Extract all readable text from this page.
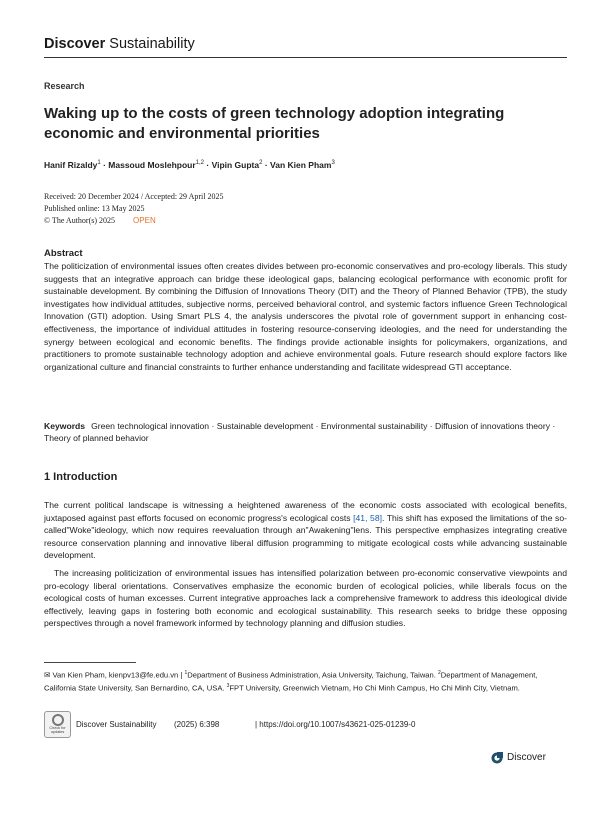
Discover Sustainability
Research
Waking up to the costs of green technology adoption integrating economic and environmental priorities
Hanif Rizaldy$^1$ · Massoud Moslehpour$^{1,2}$ · Vipin Gupta$^2$ · Van Kien Pham$^3$
Received: 20 December 2024 / Accepted: 29 April 2025
Published online: 13 May 2025
© The Author(s) 2025 OPEN
Abstract
The politicization of environmental issues often creates divides between pro-economic conservatives and pro-ecology liberals. This study suggests that an integrative approach can bridge these ideological gaps, balancing ecological performance with economic profit for sustainable development. By combining the Diffusion of Innovations Theory (DIT) and the Theory of Planned Behavior (TPB), the study investigates how individual attitudes, subjective norms, perceived behavioral control, and systemic factors influence Green Technological Innovation (GTI) adoption. Using Smart PLS 4, the analysis underscores the pivotal role of government support in enhancing cost-effectiveness, the importance of individual attitudes in fostering resource-conserving ideologies, and the need for understanding the synergy between ecological and economic benefits. The findings provide actionable insights for policymakers, organizations, and practitioners to promote sustainable technology adoption and achieve environmental goals. Future research should explore factors like organizational culture and financial constraints to further enhance understanding and facilitate widespread GTI acceptance.
Keywords Green technological innovation · Sustainable development · Environmental sustainability · Diffusion of innovations theory · Theory of planned behavior
1 Introduction
The current political landscape is witnessing a heightened awareness of the economic costs associated with ecological benefits, juxtaposed against past efforts focused on economic progress's ecological costs [41, 58]. This shift has exposed the limitations of the so-called"Woke"ideology, which now requires reevaluation through an"Awakening"lens. This perspective emphasizes integrating creative resource conservation planning and innovative liberal diffusion programming to mitigate ecological costs while advancing sustainable development.
The increasing politicization of environmental issues has intensified polarization between pro-economic conservative viewpoints and pro-ecology liberal orientations. Conservatives emphasize the economic burden of ecological policies, while liberals focus on the ecological costs of human excesses. Current integrative approaches lack a comprehensive framework to address this ideological divide effectively, leaving gaps in fostering both economic and ecological sustainability. This research seeks to bridge these opposing perspectives through a novel framework informed by technology planning and diffusion studies.
✉ Van Kien Pham, kienpv13@fe.edu.vn | $^1$Department of Business Administration, Asia University, Taichung, Taiwan. $^2$Department of Management, California State University, San Bernardino, CA, USA. $^3$FPT University, Greenwich Vietnam, Ho Chi Minh Campus, Ho Chi Minh City, Vietnam.
Check for updates
Discover Sustainability (2025) 6:398	| https://doi.org/10.1007/s43621-025-01239-0
Discover
